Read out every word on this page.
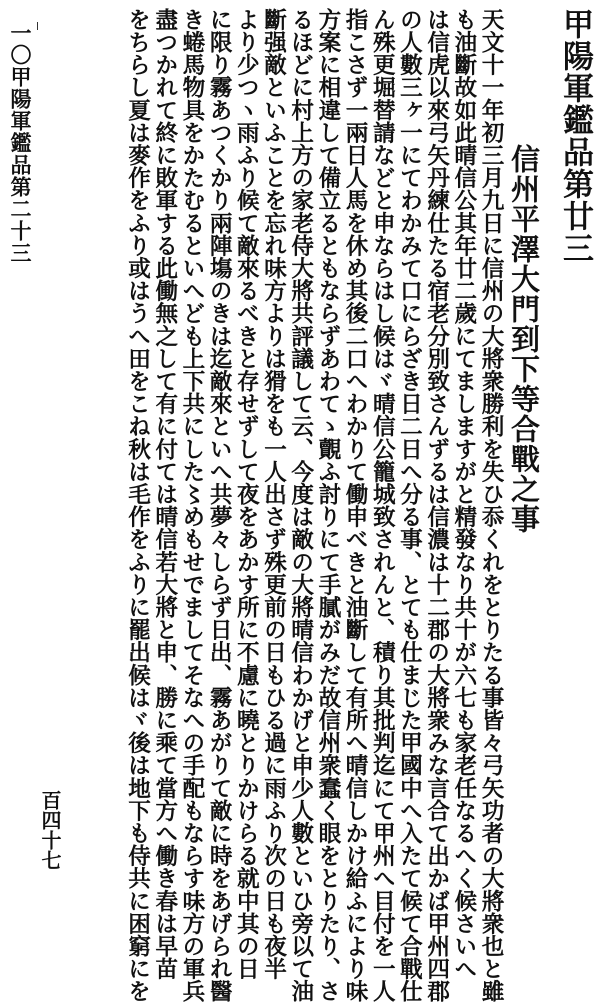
甲陽軍鑑品第廿三
信州平澤大門到下等合戰之事
天文十一年初三月九日に信州の大將衆勝利を失ひ忝くれをとりたる事皆々弓矢功者の大將衆也と雖
も油斷故如此晴信公其年廿二歲にてましますがと精發なり共十が六七も家老任なるへく候さいへ
は信虎以來弓矢丹練仕たる宿老分別致さんずるは信濃は十二郡の大將衆みな言合て出かば甲州四郡
の人數三ヶ一にてわかみて口にらざき日二日へ分る事、とても仕まじた甲國中へ入たて候て合戰仕
ん殊更堀替請などと申ならはし候はヾ晴信公籠城致されんと、積り其批判迄にて甲州へ目付を一人
指こさず一兩日人馬を休め其後二口へわかりて働申べきと油斷して有所へ晴信しかけ給ふにより味
方案に相違して備立るともならずあわてゝ覿ふ討りにて手膩がみだ故信州衆蠢く眼をとりたり、さ
るほどに村上方の家老侍大將共評議して云、今度は敵の大將晴信わかげと申少人數といひ旁以て油
斷强敵といふことを忘れ味方よりは猾をも一人出さず殊更前の日もひる過に雨ふり次の日も夜半
より少つヽ雨ふり候て敵來るべきと存せずして夜をあかす所に不慮に曉とりかけらる就中其の日
に限り霧あつくかり兩陣塲のきは迄敵來といへ共夢々しらず日出、霧あがりて敵に時をあげられ醫
き蜷馬物具をかたむるといへども上下共にした〻めもせでましてそなへの手配もならす味方の軍兵
盡つかれて終に敗軍する此働無之して有に付ては晴信若大將と申、勝に乘て當方へ働き春は早苗
をちらし夏は麥作をふり或はうへ田をこね秋は毛作をふりに罷出候はヾ後は地下も侍共に困窮にを
百四十七
一〇甲陽軍鑑品第二十三
